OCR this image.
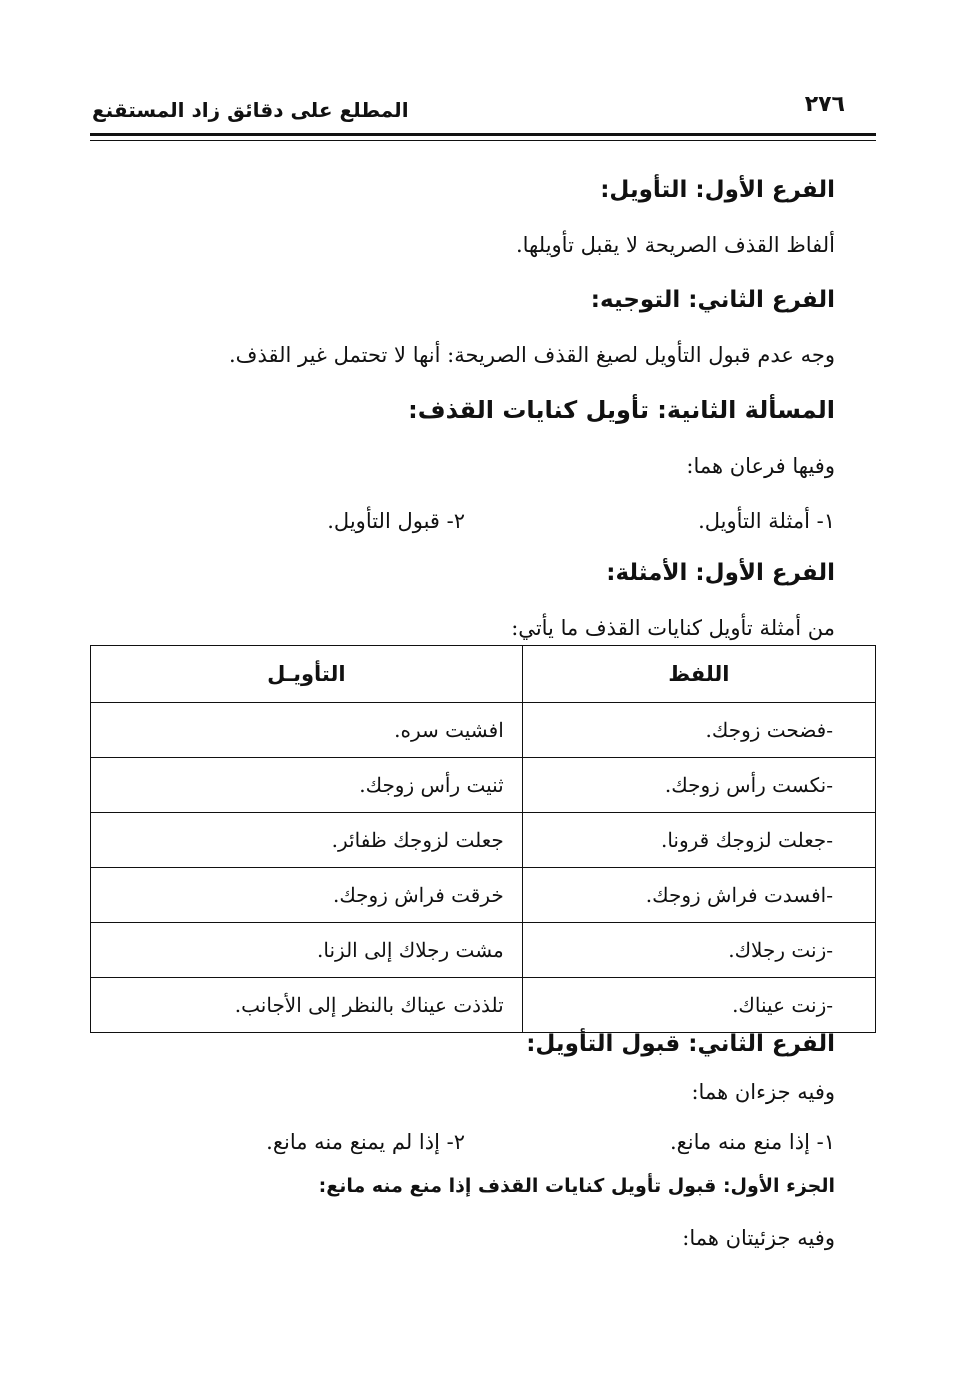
٢٧٦
المطلع على دقائق زاد المستقنع

الفرع الأول: التأويل:

ألفاظ القذف الصريحة لا يقبل تأويلها.

الفرع الثاني: التوجيه:

وجه عدم قبول التأويل لصيغ القذف الصريحة: أنها لا تحتمل غير القذف.

المسألة الثانية: تأويل كنايات القذف:

وفيها فرعان هما:

١- أمثلة التأويل.
٢- قبول التأويل.

الفرع الأول: الأمثلة:

من أمثلة تأويل كنايات القذف ما يأتي:

اللفظ	التأويـل
-فضحت زوجك.	افشيت سره.
-نكست رأس زوجك.	ثنيت رأس زوجك.
-جعلت لزوجك قرونا.	جعلت لزوجك ظفائر.
-افسدت فراش زوجك.	خرقت فراش زوجك.
-زنت رجلاك.	مشت رجلاك إلى الزنا.
-زنت عيناك.	تلذذت عيناك بالنظر إلى الأجانب.

الفرع الثاني: قبول التأويل:

وفيه جزءان هما:

١- إذا منع منه مانع.
٢- إذا لم يمنع منه مانع.

الجزء الأول: قبول تأويل كنايات القذف إذا منع منه مانع:

وفيه جزئيتان هما:
